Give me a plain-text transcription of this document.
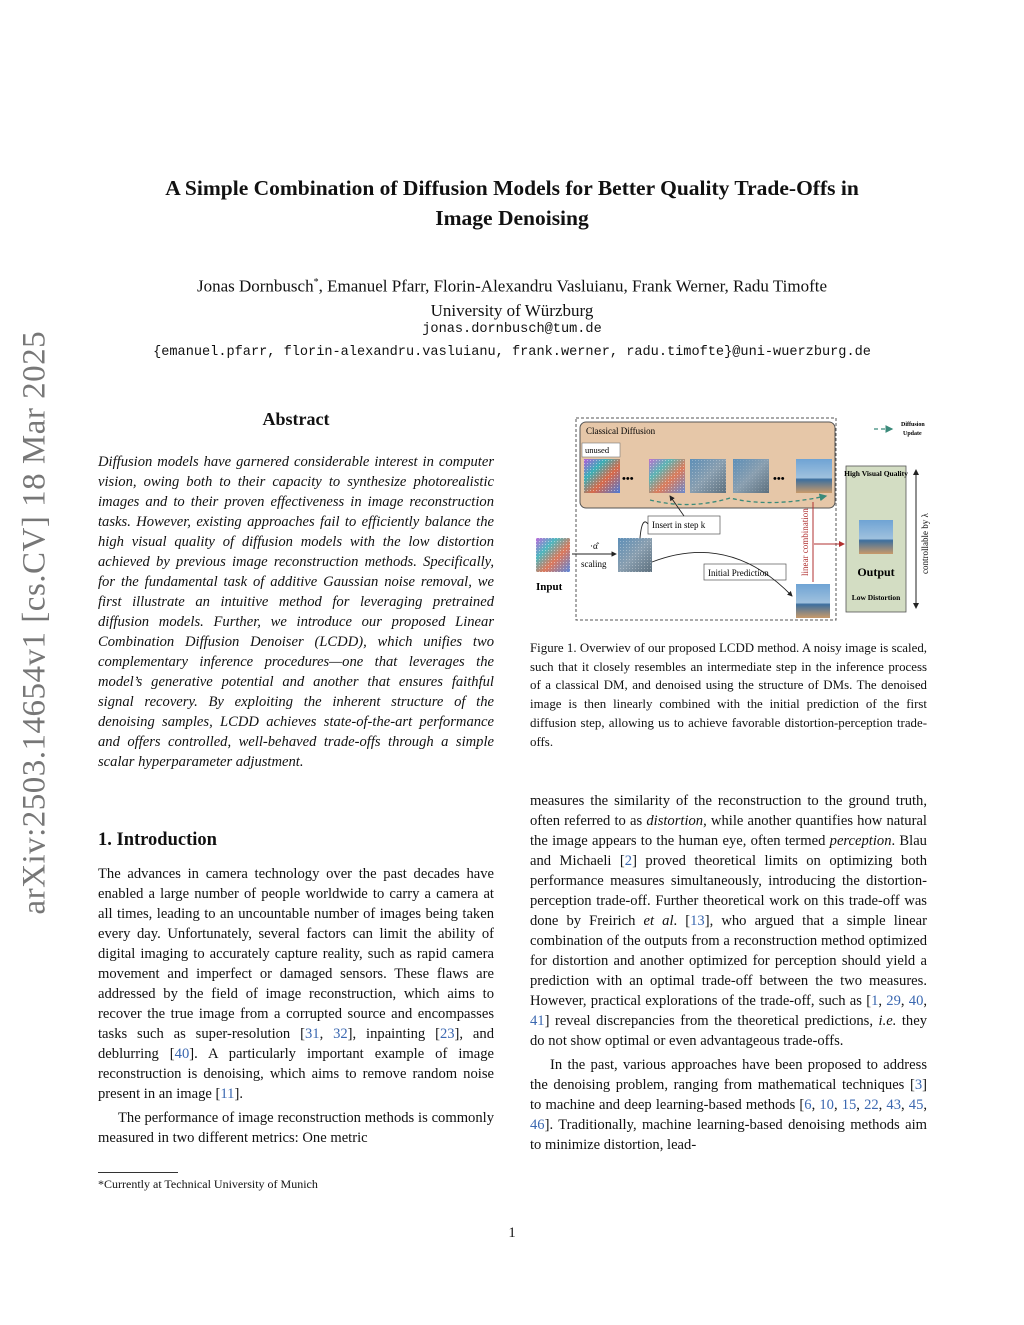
arXiv:2503.14654v1 [cs.CV] 18 Mar 2025
A Simple Combination of Diffusion Models for Better Quality Trade-Offs in
Image Denoising
Jonas Dornbusch*, Emanuel Pfarr, Florin-Alexandru Vasluianu, Frank Werner, Radu Timofte
University of Würzburg
jonas.dornbusch@tum.de
{emanuel.pfarr, florin-alexandru.vasluianu, frank.werner, radu.timofte}@uni-wuerzburg.de
Abstract
Diffusion models have garnered considerable interest in computer vision, owing both to their capacity to synthesize photorealistic images and to their proven effectiveness in image reconstruction tasks. However, existing approaches fail to efficiently balance the high visual quality of diffusion models with the low distortion achieved by previous image reconstruction methods. Specifically, for the fundamental task of additive Gaussian noise removal, we first illustrate an intuitive method for leveraging pretrained diffusion models. Further, we introduce our proposed Linear Combination Diffusion Denoiser (LCDD), which unifies two complementary inference procedures—one that leverages the model’s generative potential and another that ensures faithful signal recovery. By exploiting the inherent structure of the denoising samples, LCDD achieves state-of-the-art performance and offers controlled, well-behaved trade-offs through a simple scalar hyperparameter adjustment.
1. Introduction

The advances in camera technology over the past decades have enabled a large number of people worldwide to carry a camera at all times, leading to an uncountable number of images being taken every day. Unfortunately, several factors can limit the ability of digital imaging to accurately capture reality, such as rapid camera movement and imperfect or damaged sensors. These flaws are addressed by the field of image reconstruction, which aims to recover the true image from a corrupted source and encompasses tasks such as super-resolution [31, 32], inpainting [23], and deblurring [40]. A particularly important example of image reconstruction is denoising, which aims to remove random noise present in an image [11].

The performance of image reconstruction methods is commonly measured in two different metrics: One metric

*Currently at Technical University of Munich

measures the similarity of the reconstruction to the ground truth, often referred to as distortion, while another quantifies how natural the image appears to the human eye, often termed perception. Blau and Michaeli [2] proved theoretical limits on optimizing both performance measures simultaneously, introducing the distortion-perception trade-off. Further theoretical work on this trade-off was done by Freirich et al. [13], who argued that a simple linear combination of the outputs from a reconstruction method optimized for distortion and another optimized for perception should yield a prediction with an optimal trade-off between the two measures. However, practical explorations of the trade-off, such as [1, 29, 40, 41] reveal discrepancies from the theoretical predictions, i.e. they do not show optimal or even advantageous trade-offs.

In the past, various approaches have been proposed to address the denoising problem, ranging from mathematical techniques [3] to machine and deep learning-based methods [6, 10, 15, 22, 43, 45, 46]. Traditionally, machine learning-based denoising methods aim to minimize distortion, lead-

Classical Diffusion
unused
•••	•••
Diffusion
Update
Insert in step k
Input
·α̂
scaling
Initial Prediction	linear combination
High Visual Quality
Output
Low Distortion
controllable by λ
Figure 1. Overwiev of our proposed LCDD method. A noisy image is scaled, such that it closely resembles an intermediate step in the inference process of a classical DM, and denoised using the structure of DMs. The denoised image is then linearly combined with the initial prediction of the first diffusion step, allowing us to achieve favorable distortion-perception trade-offs.
1
